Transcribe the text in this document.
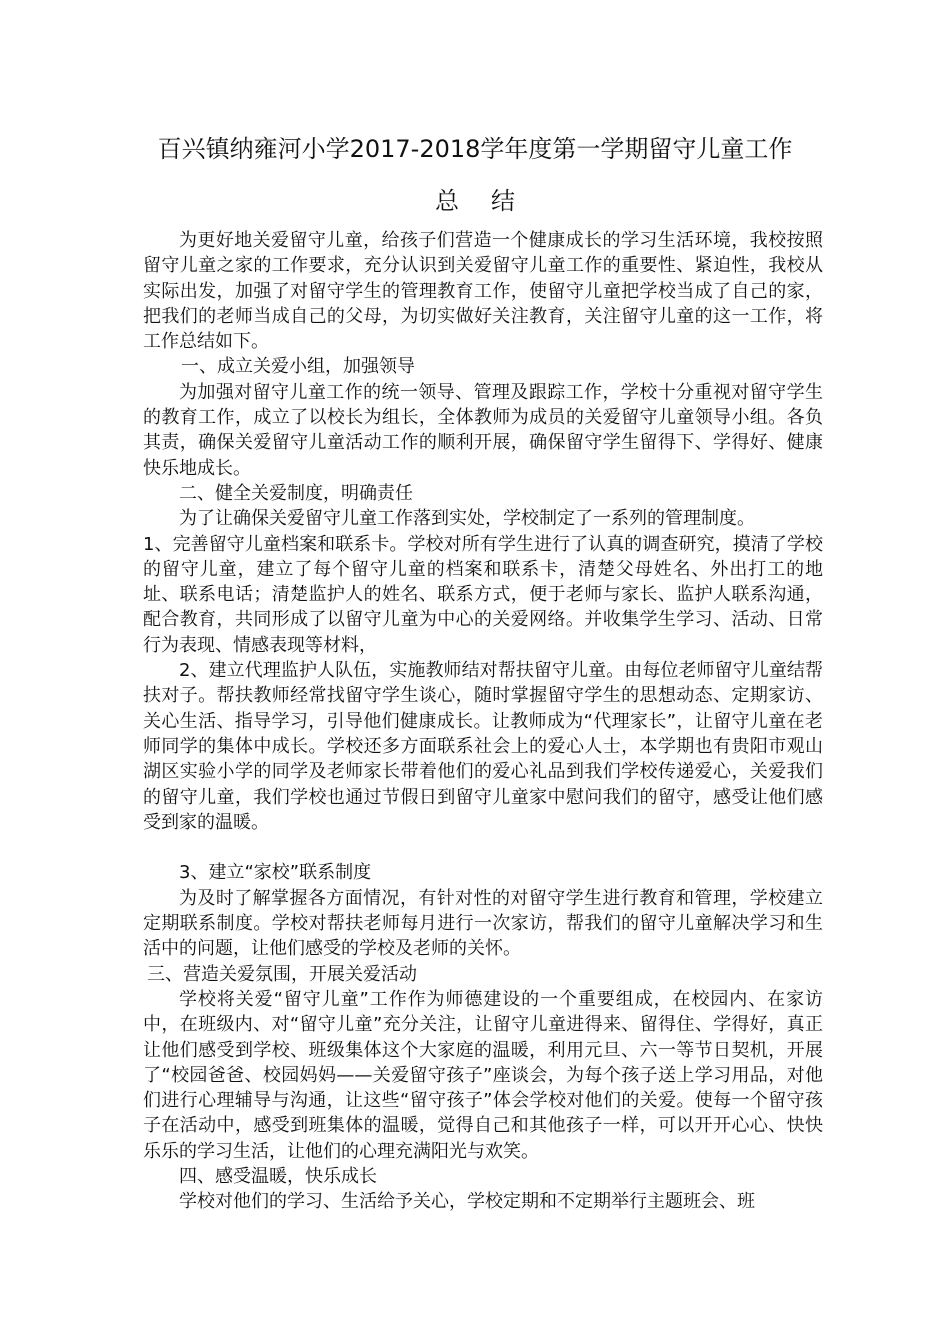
百兴镇纳雍河小学2017-2018学年度第一学期留守儿童工作
总结

为更好地关爱留守儿童，给孩子们营造一个健康成长的学习生活环境，我校按照留守儿童之家的工作要求，充分认识到关爱留守儿童工作的重要性、紧迫性，我校从实际出发，加强了对留守学生的管理教育工作，使留守儿童把学校当成了自己的家，把我们的老师当成自己的父母，为切实做好关注教育，关注留守儿童的这一工作，将工作总结如下。

一、成立关爱小组，加强领导

为加强对留守儿童工作的统一领导、管理及跟踪工作，学校十分重视对留守学生的教育工作，成立了以校长为组长，全体教师为成员的关爱留守儿童领导小组。各负其责，确保关爱留守儿童活动工作的顺利开展，确保留守学生留得下、学得好、健康快乐地成长。

二、健全关爱制度，明确责任

为了让确保关爱留守儿童工作落到实处，学校制定了一系列的管理制度。

1、完善留守儿童档案和联系卡。学校对所有学生进行了认真的调查研究，摸清了学校的留守儿童，建立了每个留守儿童的档案和联系卡，清楚父母姓名、外出打工的地址、联系电话；清楚监护人的姓名、联系方式，便于老师与家长、监护人联系沟通，配合教育，共同形成了以留守儿童为中心的关爱网络。并收集学生学习、活动、日常行为表现、情感表现等材料，

2、建立代理监护人队伍，实施教师结对帮扶留守儿童。由每位老师留守儿童结帮扶对子。帮扶教师经常找留守学生谈心，随时掌握留守学生的思想动态、定期家访、关心生活、指导学习，引导他们健康成长。让教师成为“代理家长”，让留守儿童在老师同学的集体中成长。学校还多方面联系社会上的爱心人士，本学期也有贵阳市观山湖区实验小学的同学及老师家长带着他们的爱心礼品到我们学校传递爱心，关爱我们的留守儿童，我们学校也通过节假日到留守儿童家中慰问我们的留守，感受让他们感受到家的温暖。

3、建立“家校”联系制度

为及时了解掌握各方面情况，有针对性的对留守学生进行教育和管理，学校建立定期联系制度。学校对帮扶老师每月进行一次家访，帮我们的留守儿童解决学习和生活中的问题，让他们感受的学校及老师的关怀。

三、营造关爱氛围，开展关爱活动

学校将关爱“留守儿童”工作作为师德建设的一个重要组成，在校园内、在家访中，在班级内、对“留守儿童”充分关注，让留守儿童进得来、留得住、学得好，真正让他们感受到学校、班级集体这个大家庭的温暖，利用元旦、六一等节日契机，开展了“校园爸爸、校园妈妈——关爱留守孩子”座谈会，为每个孩子送上学习用品，对他们进行心理辅导与沟通，让这些“留守孩子”体会学校对他们的关爱。使每一个留守孩子在活动中，感受到班集体的温暖，觉得自己和其他孩子一样，可以开开心心、快快乐乐的学习生活，让他们的心理充满阳光与欢笑。

四、感受温暖，快乐成长

学校对他们的学习、生活给予关心，学校定期和不定期举行主题班会、班
